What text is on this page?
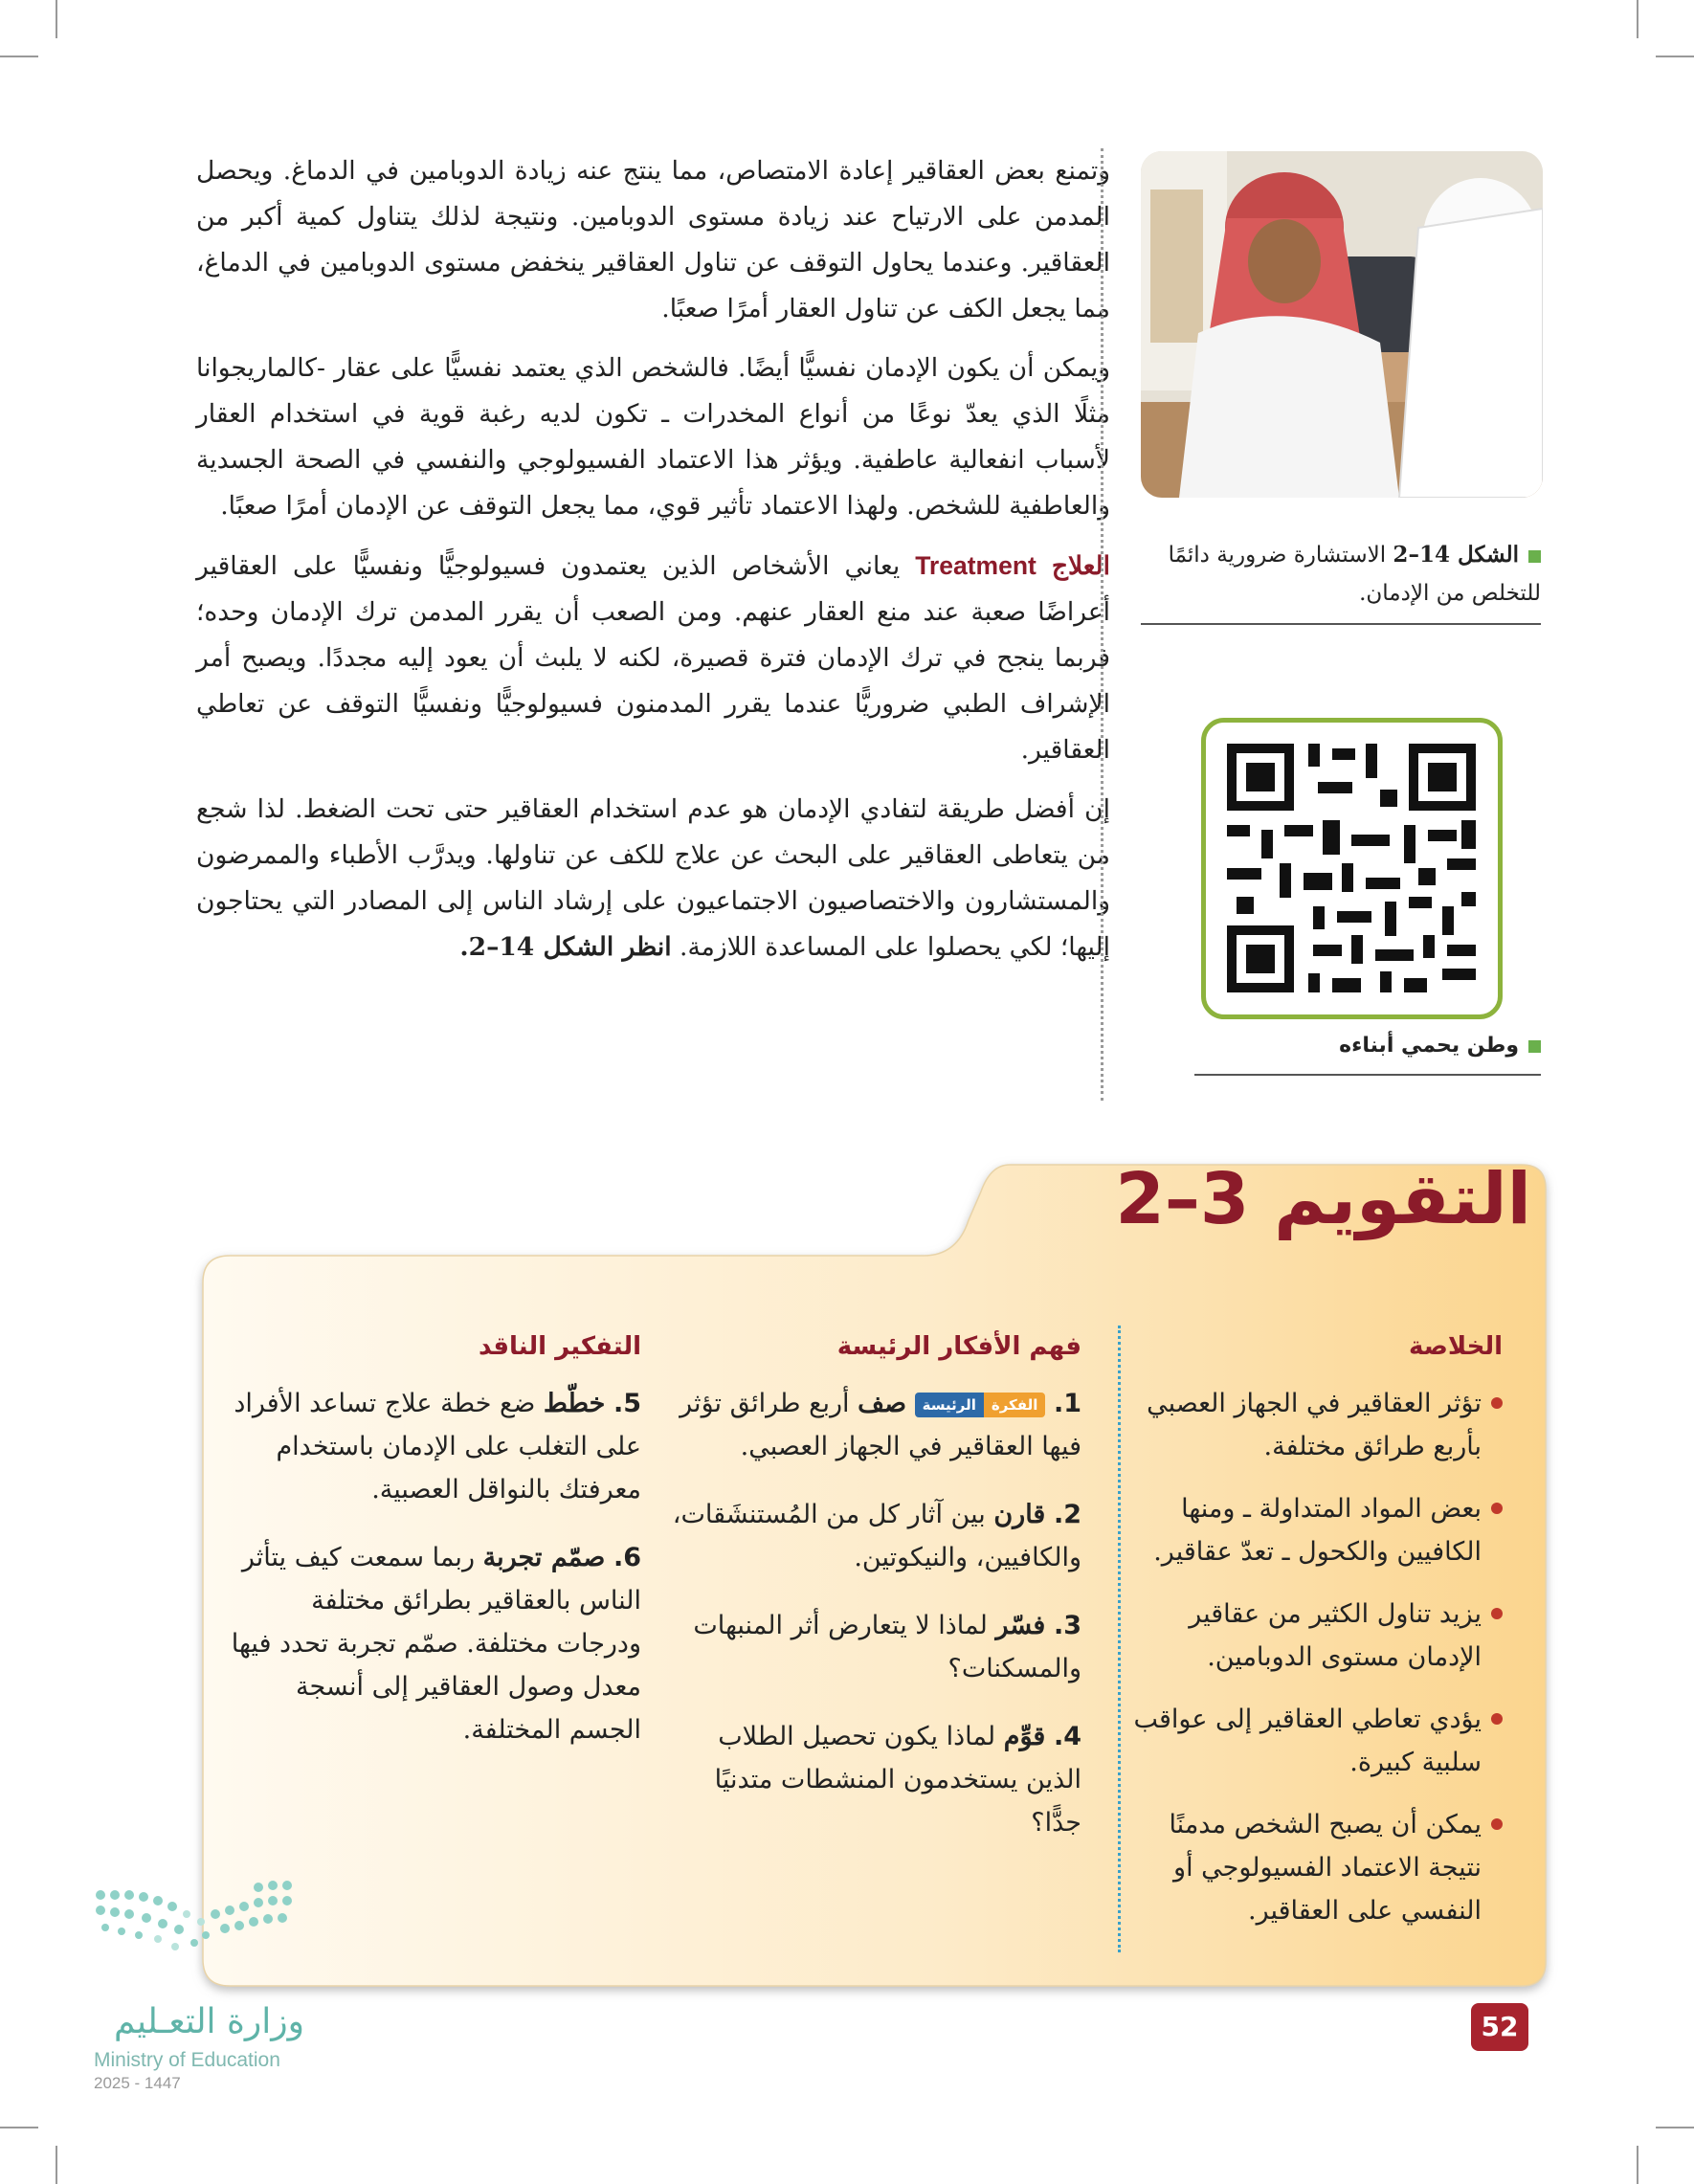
وتمنع بعض العقاقير إعادة الامتصاص، مما ينتج عنه زيادة الدوبامين في الدماغ. ويحصل المدمن على الارتياح عند زيادة مستوى الدوبامين. ونتيجة لذلك يتناول كمية أكبر من العقاقير. وعندما يحاول التوقف عن تناول العقاقير ينخفض مستوى الدوبامين في الدماغ، مما يجعل الكف عن تناول العقار أمرًا صعبًا.

ويمكن أن يكون الإدمان نفسيًّا أيضًا. فالشخص الذي يعتمد نفسيًّا على عقار -كالماريجوانا مثلًا الذي يعدّ نوعًا من أنواع المخدرات ـ تكون لديه رغبة قوية في استخدام العقار لأسباب انفعالية عاطفية. ويؤثر هذا الاعتماد الفسيولوجي والنفسي في الصحة الجسدية والعاطفية للشخص. ولهذا الاعتماد تأثير قوي، مما يجعل التوقف عن الإدمان أمرًا صعبًا.

العلاج Treatment يعاني الأشخاص الذين يعتمدون فسيولوجيًّا ونفسيًّا على العقاقير أعراضًا صعبة عند منع العقار عنهم. ومن الصعب أن يقرر المدمن ترك الإدمان وحده؛ فربما ينجح في ترك الإدمان فترة قصيرة، لكنه لا يلبث أن يعود إليه مجددًا. ويصبح أمر الإشراف الطبي ضروريًّا عندما يقرر المدمنون فسيولوجيًّا ونفسيًّا التوقف عن تعاطي العقاقير.

إن أفضل طريقة لتفادي الإدمان هو عدم استخدام العقاقير حتى تحت الضغط. لذا شجع من يتعاطى العقاقير على البحث عن علاج للكف عن تناولها. ويدرَّب الأطباء والممرضون والمستشارون والاختصاصيون الاجتماعيون على إرشاد الناس إلى المصادر التي يحتاجون إليها؛ لكي يحصلوا على المساعدة اللازمة. انظر الشكل 14–2.

الشكل 14–2 الاستشارة ضرورية دائمًا للتخلص من الإدمان.
وطن يحمي أبناءه
التقويم 3–2
الخلاصة
تؤثر العقاقير في الجهاز العصبي بأربع طرائق مختلفة.
بعض المواد المتداولة ـ ومنها الكافيين والكحول ـ تعدّ عقاقير.
يزيد تناول الكثير من عقاقير الإدمان مستوى الدوبامين.
يؤدي تعاطي العقاقير إلى عواقب سلبية كبيرة.
يمكن أن يصبح الشخص مدمنًا نتيجة الاعتماد الفسيولوجي أو النفسي على العقاقير.
فهم الأفكار الرئيسة
1. الفكرةالرئيسة صف أربع طرائق تؤثر فيها العقاقير في الجهاز العصبي.
2. قارن بين آثار كل من المُستنشَقات، والكافيين، والنيكوتين.
3. فسّر لماذا لا يتعارض أثر المنبهات والمسكنات؟
4. قوِّم لماذا يكون تحصيل الطلاب الذين يستخدمون المنشطات متدنيًا جدًّا؟
التفكير الناقد
5. خطّط ضع خطة علاج تساعد الأفراد على التغلب على الإدمان باستخدام معرفتك بالنواقل العصبية.
6. صمّم تجربة ربما سمعت كيف يتأثر الناس بالعقاقير بطرائق مختلفة ودرجات مختلفة. صمّم تجربة تحدد فيها معدل وصول العقاقير إلى أنسجة الجسم المختلفة.
52
وزارة التعـليم
Ministry of Education
2025 - 1447
